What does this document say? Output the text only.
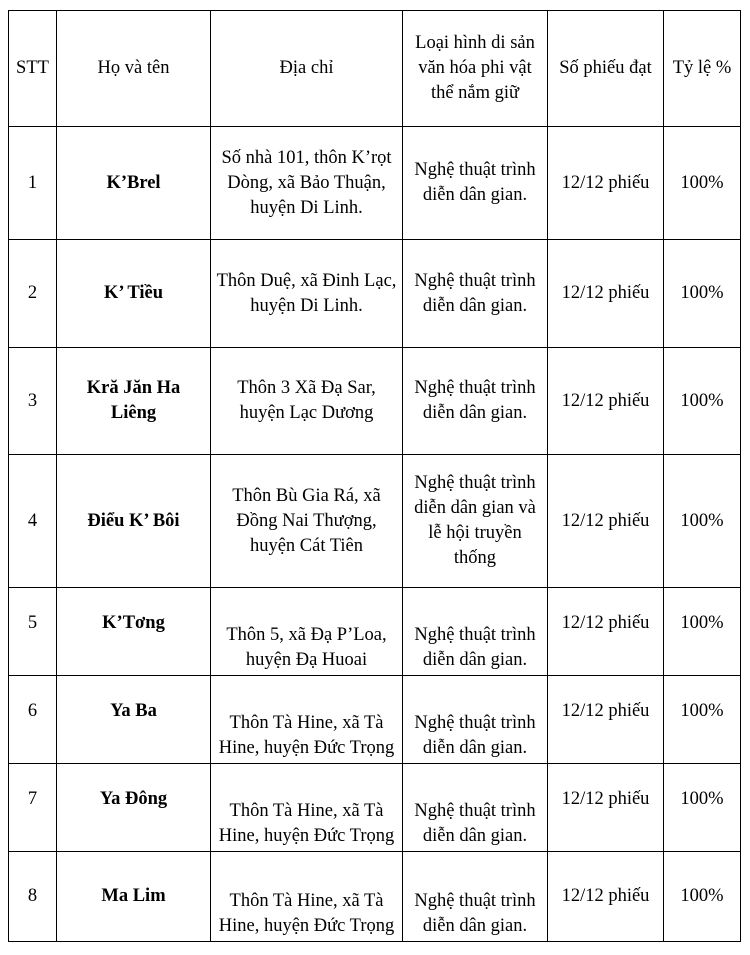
STT	Họ và tên	Địa chỉ	Loại hình di sản văn hóa phi vật thể nắm giữ	Số phiếu đạt	Tỷ lệ %
1	K’Brel	Số nhà 101, thôn K’rọt Dòng, xã Bảo Thuận, huyện Di Linh.	Nghệ thuật trình diễn dân gian.	12/12 phiếu	100%
2	K’ Tiều	Thôn Duệ, xã Đinh Lạc, huyện Di Linh.	Nghệ thuật trình diễn dân gian.	12/12 phiếu	100%
3	Kră Jăn Ha Liêng	Thôn 3 Xã Đạ Sar, huyện Lạc Dương	Nghệ thuật trình diễn dân gian.	12/12 phiếu	100%
4	Điểu K’ Bôi	Thôn Bù Gia Rá, xã Đồng Nai Thượng, huyện Cát Tiên	Nghệ thuật trình diễn dân gian và lễ hội truyền thống	12/12 phiếu	100%
5	K’Tơng	Thôn 5, xã Đạ P’Loa, huyện Đạ Huoai	Nghệ thuật trình diễn dân gian.	12/12 phiếu	100%
6	Ya Ba	Thôn Tà Hine, xã Tà Hine, huyện Đức Trọng	Nghệ thuật trình diễn dân gian.	12/12 phiếu	100%
7	Ya Đông	Thôn Tà Hine, xã Tà Hine, huyện Đức Trọng	Nghệ thuật trình diễn dân gian.	12/12 phiếu	100%
8	Ma Lim	Thôn Tà Hine, xã Tà Hine, huyện Đức Trọng	Nghệ thuật trình diễn dân gian.	12/12 phiếu	100%
